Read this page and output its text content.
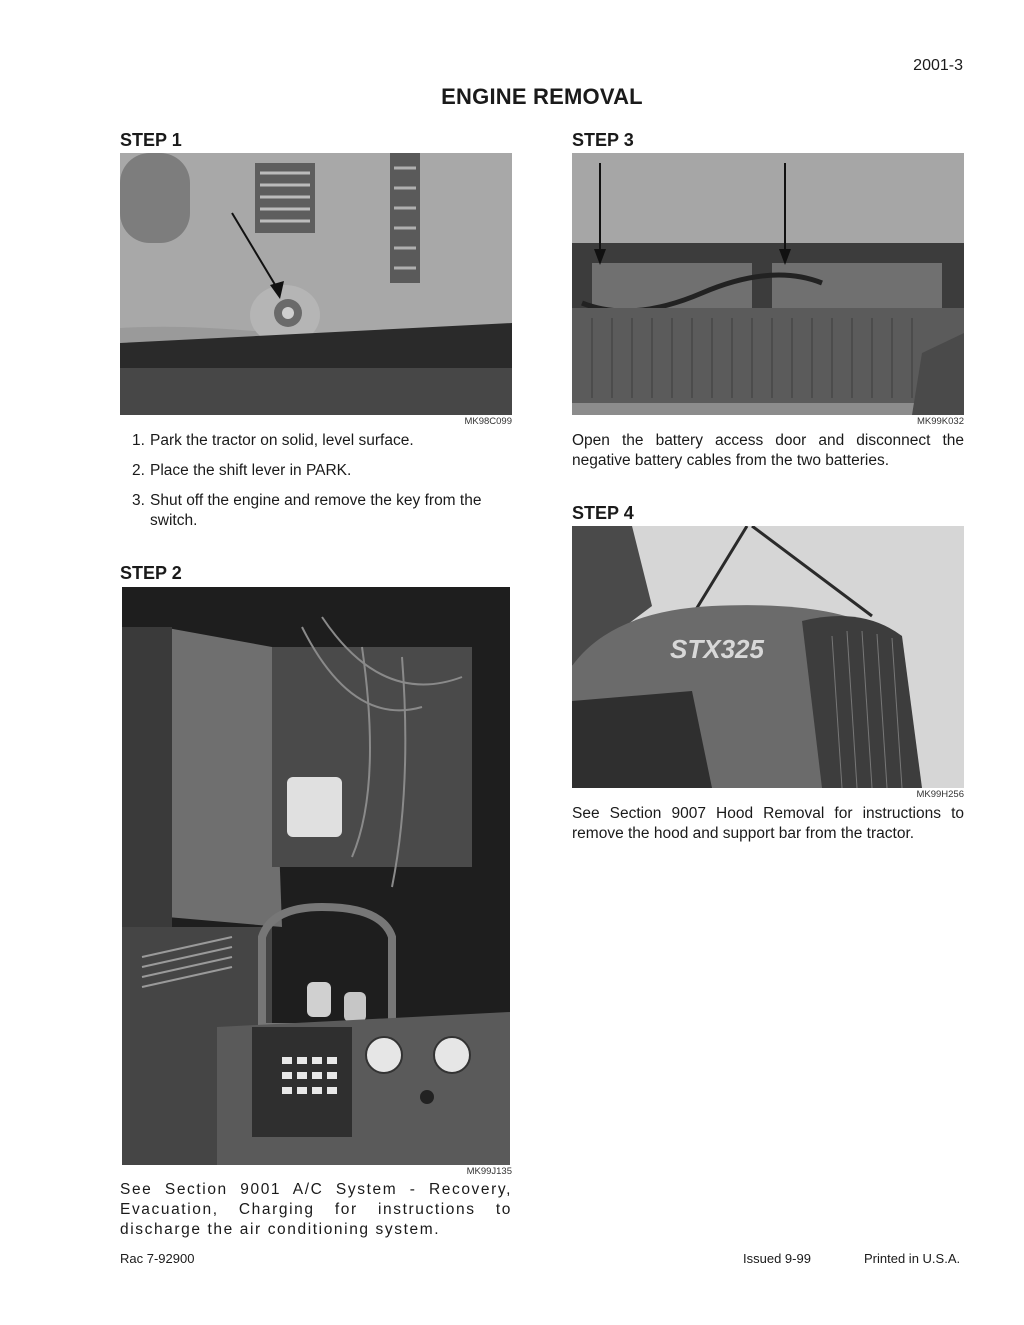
2001-3
ENGINE REMOVAL
STEP 1
MK98C099
1. Park the tractor on solid, level surface.
2. Place the shift lever in PARK.
3. Shut off the engine and remove the key from the switch.
STEP 2
MK99J135
See Section 9001 A/C System - Recovery, Evacuation, Charging for instructions to discharge the air conditioning system.
STEP 3
MK99K032
Open the battery access door and disconnect the negative battery cables from the two batteries.
STEP 4
STX325
MK99H256
See Section 9007 Hood Removal for instructions to remove the hood and support bar from the tractor.
Rac 7-92900	Issued 9-99	Printed in U.S.A.
